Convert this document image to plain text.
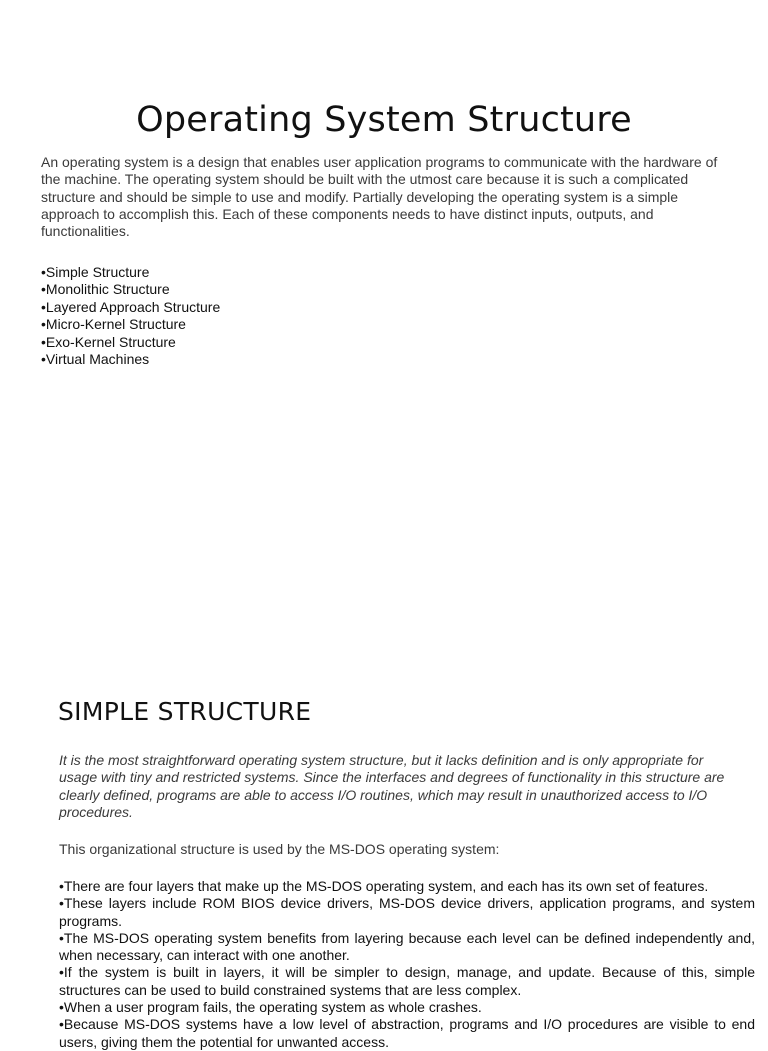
Operating System Structure

An operating system is a design that enables user application programs to communicate with the hardware of the machine. The operating system should be built with the utmost care because it is such a complicated structure and should be simple to use and modify. Partially developing the operating system is a simple approach to accomplish this. Each of these components needs to have distinct inputs, outputs, and functionalities.

•Simple Structure
•Monolithic Structure
•Layered Approach Structure
•Micro-Kernel Structure
•Exo-Kernel Structure
•Virtual Machines
SIMPLE STRUCTURE

It is the most straightforward operating system structure, but it lacks definition and is only appropriate for usage with tiny and restricted systems. Since the interfaces and degrees of functionality in this structure are clearly defined, programs are able to access I/O routines, which may result in unauthorized access to I/O procedures.

This organizational structure is used by the MS-DOS operating system:

•There are four layers that make up the MS-DOS operating system, and each has its own set of features.
•These layers include ROM BIOS device drivers, MS-DOS device drivers, application programs, and system programs.
•The MS-DOS operating system benefits from layering because each level can be defined independently and, when necessary, can interact with one another.
•If the system is built in layers, it will be simpler to design, manage, and update. Because of this, simple structures can be used to build constrained systems that are less complex.
•When a user program fails, the operating system as whole crashes.
•Because MS-DOS systems have a low level of abstraction, programs and I/O procedures are visible to end users, giving them the potential for unwanted access.
